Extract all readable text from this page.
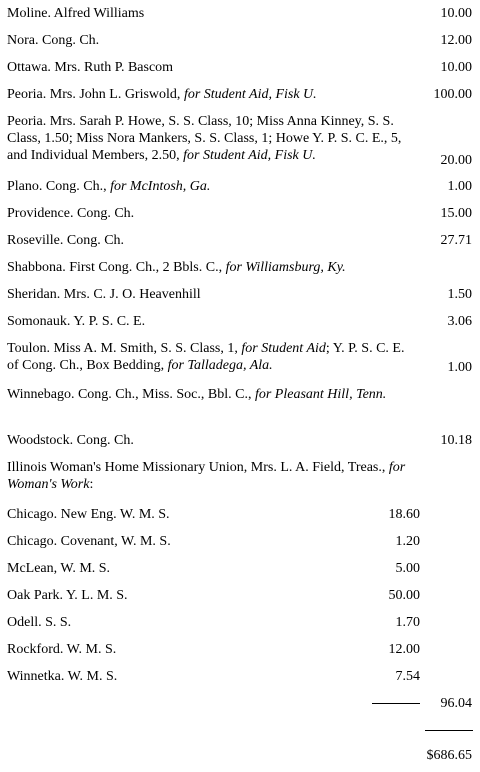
Moline. Alfred Williams	10.00
Nora. Cong. Ch.	12.00
Ottawa. Mrs. Ruth P. Bascom	10.00
Peoria. Mrs. John L. Griswold, for Student Aid, Fisk U.	100.00
Peoria. Mrs. Sarah P. Howe, S. S. Class, 10; Miss Anna Kinney, S. S. Class, 1.50; Miss Nora Mankers, S. S. Class, 1; Howe Y. P. S. C. E., 5, and Individual Members, 2.50, for Student Aid, Fisk U.	20.00
Plano. Cong. Ch., for McIntosh, Ga.	1.00
Providence. Cong. Ch.	15.00
Roseville. Cong. Ch.	27.71
Shabbona. First Cong. Ch., 2 Bbls. C., for Williamsburg, Ky.
Sheridan. Mrs. C. J. O. Heavenhill	1.50
Somonauk. Y. P. S. C. E.	3.06
Toulon. Miss A. M. Smith, S. S. Class, 1, for Student Aid; Y. P. S. C. E. of Cong. Ch., Box Bedding, for Talladega, Ala.	1.00
Winnebago. Cong. Ch., Miss. Soc., Bbl. C., for Pleasant Hill, Tenn.
Woodstock. Cong. Ch.	10.18
Illinois Woman's Home Missionary Union, Mrs. L. A. Field, Treas., for Woman's Work:
Chicago. New Eng. W. M. S.	18.60
Chicago. Covenant, W. M. S.	1.20
McLean, W. M. S.	5.00
Oak Park. Y. L. M. S.	50.00
Odell. S. S.	1.70
Rockford. W. M. S.	12.00
Winnetka. W. M. S.	7.54
96.04
$686.65
